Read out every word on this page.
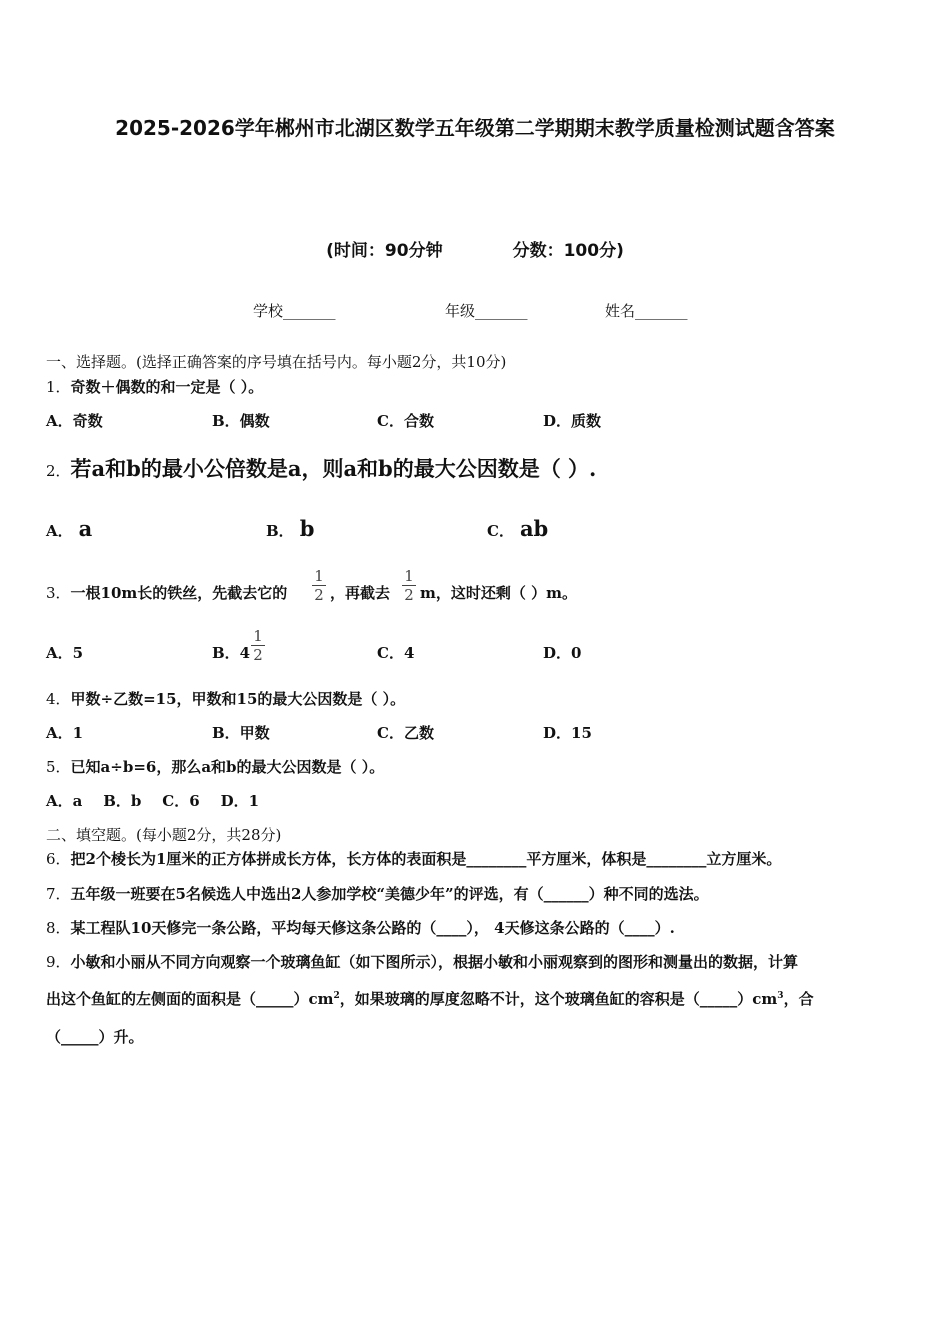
2025-2026学年郴州市北湖区数学五年级第二学期期末教学质量检测试题含答案
(时间：90分钟	分数：100分)
学校_______	年级_______	姓名_______
一、选择题。(选择正确答案的序号填在括号内。每小题2分，共10分)
1．奇数＋偶数的和一定是（ ）。
A．奇数	B．偶数	C．合数	D．质数
2．若a和b的最小公倍数是a，则a和b的最大公因数是（ ）.
A． a	B． b	C． ab
3．一根10m长的铁丝，先截去它的
1
2 ，再截去
1
2 m，这时还剩（ ）m。
A．5	B．4
1
2	C．4	D．0
4．甲数÷乙数=15，甲数和15的最大公因数是（ ）。
A．1	B．甲数	C．乙数	D．15
5．已知a÷b=6，那么a和b的最大公因数是（ ）。
A．a    B．b    C．6    D．1
二、填空题。(每小题2分，共28分)
6．把2个棱长为1厘米的正方体拼成长方体，长方体的表面积是________平方厘米，体积是________立方厘米。
7．五年级一班要在5名候选人中选出2人参加学校“美德少年”的评选，有（______）种不同的选法。
8．某工程队10天修完一条公路，平均每天修这条公路的（____）， 4天修这条公路的（____）.
9．小敏和小丽从不同方向观察一个玻璃鱼缸（如下图所示），根据小敏和小丽观察到的图形和测量出的数据，计算
出这个鱼缸的左侧面的面积是$(\_\_\_\_\_)cm^2$，如果玻璃的厚度忽略不计，这个玻璃鱼缸的容积是$(\_\_\_\_\_)cm^3$，合
（_____）升。
